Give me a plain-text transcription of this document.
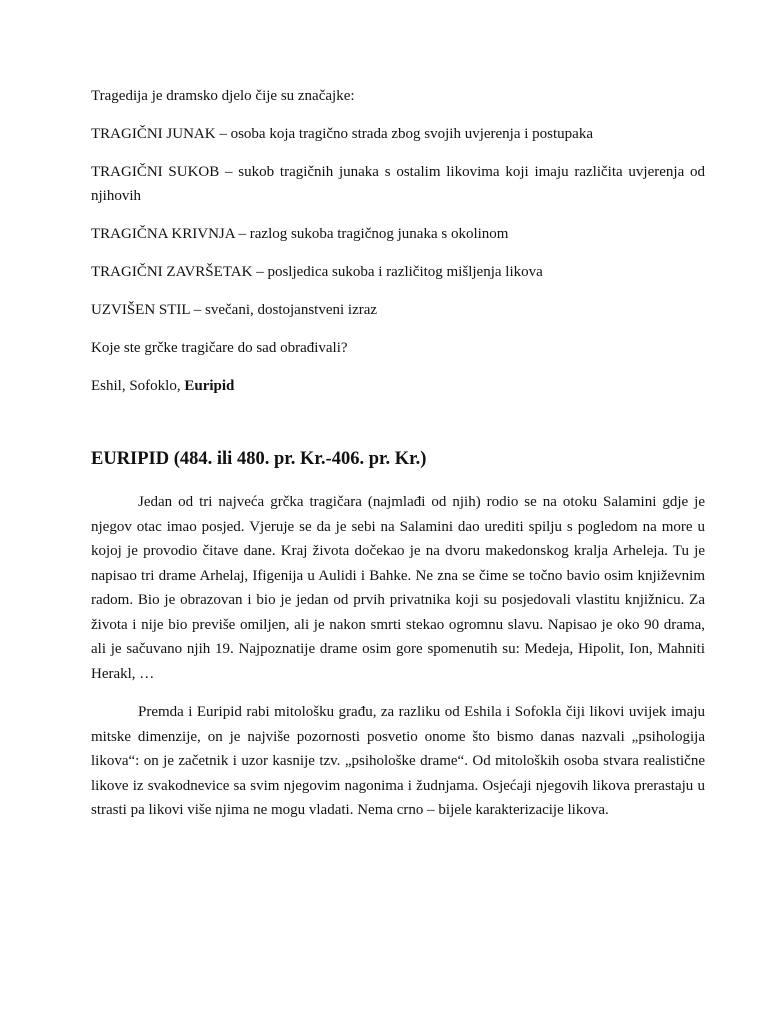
Tragedija je dramsko djelo čije su značajke:

TRAGIČNI JUNAK – osoba koja tragično strada zbog svojih uvjerenja i postupaka

TRAGIČNI SUKOB – sukob tragičnih junaka s ostalim likovima koji imaju različita uvjerenja od njihovih

TRAGIČNA KRIVNJA – razlog sukoba tragičnog junaka s okolinom

TRAGIČNI ZAVRŠETAK – posljedica sukoba i različitog mišljenja likova

UZVIŠEN STIL – svečani, dostojanstveni izraz

Koje ste grčke tragičare do sad obrađivali?

Eshil, Sofoklo, Euripid

EURIPID (484. ili 480. pr. Kr.-406. pr. Kr.)

Jedan od tri najveća grčka tragičara (najmlađi od njih) rodio se na otoku Salamini gdje je njegov otac imao posjed. Vjeruje se da je sebi na Salamini dao urediti spilju s pogledom na more u kojoj je provodio čitave dane. Kraj života dočekao je na dvoru makedonskog kralja Arheleja. Tu je napisao tri drame Arhelaj, Ifigenija u Aulidi i Bahke. Ne zna se čime se točno bavio osim književnim radom. Bio je obrazovan i bio je jedan od prvih privatnika koji su posjedovali vlastitu knjižnicu. Za života i nije bio previše omiljen, ali je nakon smrti stekao ogromnu slavu. Napisao je oko 90 drama, ali je sačuvano njih 19. Najpoznatije drame osim gore spomenutih su: Medeja, Hipolit, Ion, Mahniti Herakl, …

Premda i Euripid rabi mitološku građu, za razliku od Eshila i Sofokla čiji likovi uvijek imaju mitske dimenzije, on je najviše pozornosti posvetio onome što bismo danas nazvali „psihologija likova“: on je začetnik i uzor kasnije tzv. „psihološke drame“. Od mitoloških osoba stvara realistične likove iz svakodnevice sa svim njegovim nagonima i žudnjama. Osjećaji njegovih likova prerastaju u strasti pa likovi više njima ne mogu vladati. Nema crno – bijele karakterizacije likova.
